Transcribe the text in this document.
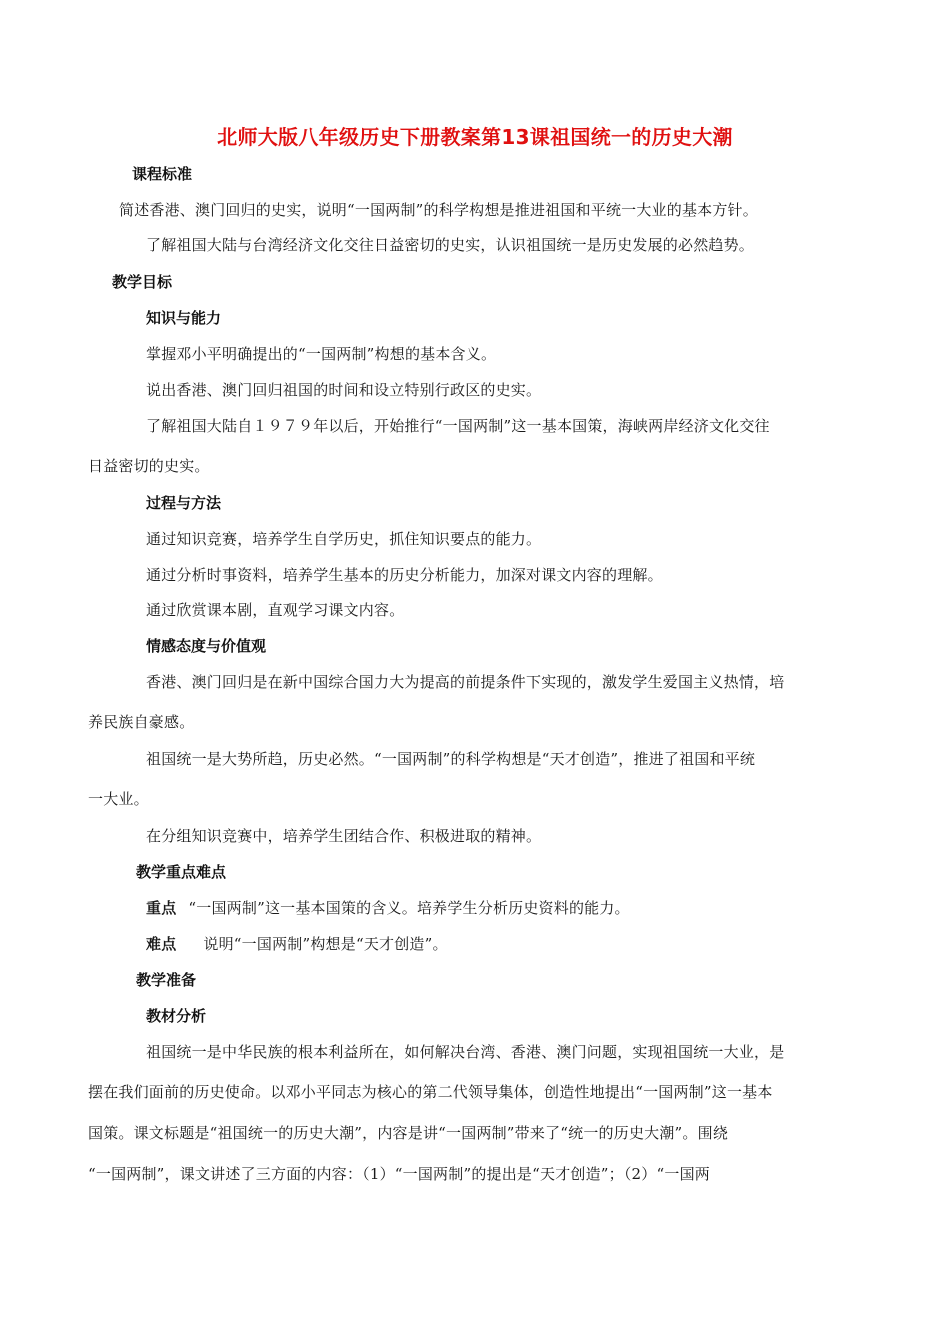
北师大版八年级历史下册教案第13课祖国统一的历史大潮
课程标准
简述香港、澳门回归的史实，说明“一国两制”的科学构想是推进祖国和平统一大业的基本方针。
了解祖国大陆与台湾经济文化交往日益密切的史实，认识祖国统一是历史发展的必然趋势。
教学目标
知识与能力
掌握邓小平明确提出的“一国两制”构想的基本含义。
说出香港、澳门回归祖国的时间和设立特别行政区的史实。
了解祖国大陆自１９７９年以后，开始推行“一国两制”这一基本国策，海峡两岸经济文化交往
日益密切的史实。
过程与方法
通过知识竞赛，培养学生自学历史，抓住知识要点的能力。
通过分析时事资料，培养学生基本的历史分析能力，加深对课文内容的理解。
通过欣赏课本剧，直观学习课文内容。
情感态度与价值观
香港、澳门回归是在新中国综合国力大为提高的前提条件下实现的，激发学生爱国主义热情，培
养民族自豪感。
祖国统一是大势所趋，历史必然。“一国两制”的科学构想是“天才创造”，推进了祖国和平统
一大业。
在分组知识竞赛中，培养学生团结合作、积极进取的精神。
教学重点难点
重点 “一国两制”这一基本国策的含义。培养学生分析历史资料的能力。
难点 说明“一国两制”构想是“天才创造”。
教学准备
教材分析
祖国统一是中华民族的根本利益所在，如何解决台湾、香港、澳门问题，实现祖国统一大业，是
摆在我们面前的历史使命。以邓小平同志为核心的第二代领导集体，创造性地提出“一国两制”这一基本
国策。课文标题是“祖国统一的历史大潮”，内容是讲“一国两制”带来了“统一的历史大潮”。围绕
“一国两制”，课文讲述了三方面的内容：（1）“一国两制”的提出是“天才创造”；（2）“一国两
